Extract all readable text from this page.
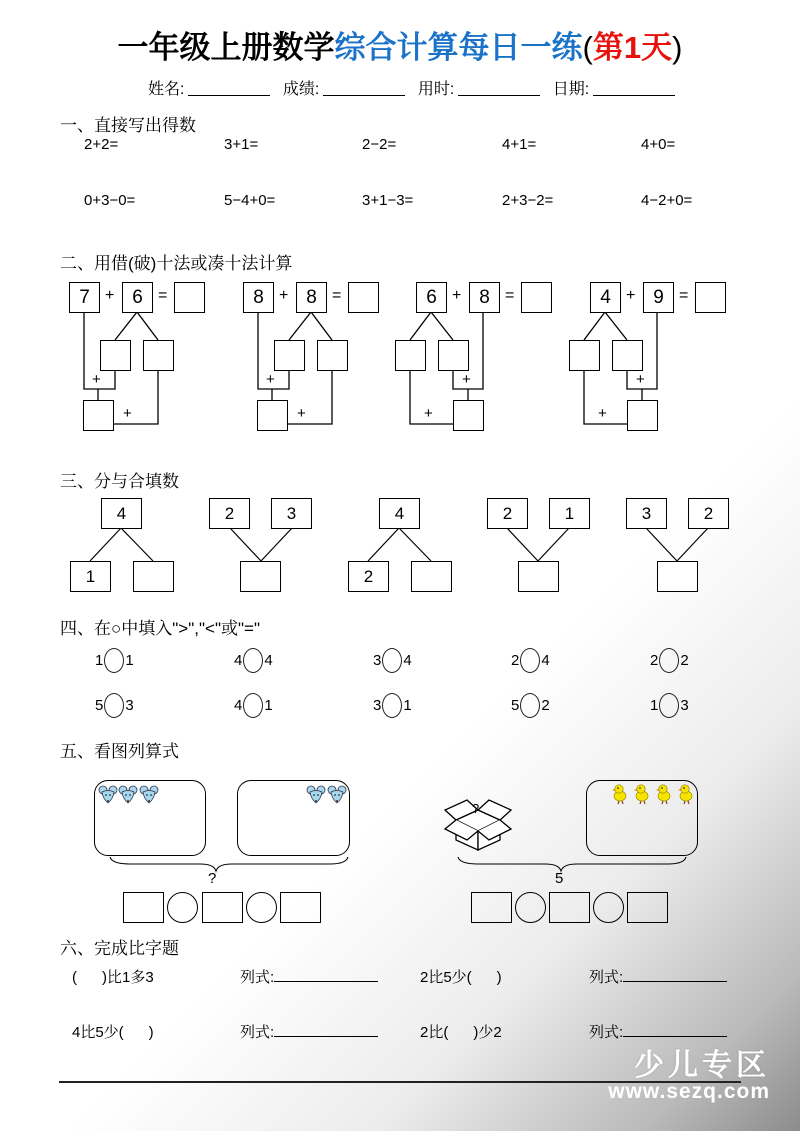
一年级上册数学综合计算每日一练(第1天)
姓名:	成绩:	用时:	日期:
一、直接写出得数
2+2=	3+1=	2−2=	4+1=	4+0=
0+3−0=	5−4+0=	3+1−3=	2+3−2=	4−2+0=
二、用借(破)十法或凑十法计算
7 + 6 =
+
+
8 + 8 =
+
+
6 + 8 =
+
+
4 + 9 =
+
+
三、分与合填数
4
1
2	3	4
2
2	1	3	2
四、在○中填入">","<"或"="
1 1	4 4	3 4	2 4	2 2
5 3	4 1	3 1	5 2	1 3
五、看图列算式
?
?	5
六、完成比字题
(      )比1多3	列式:	2比5少(      )	列式:
4比5少(      )	列式:	2比(      )少2	列式:
少儿专区
www.sezq.com
